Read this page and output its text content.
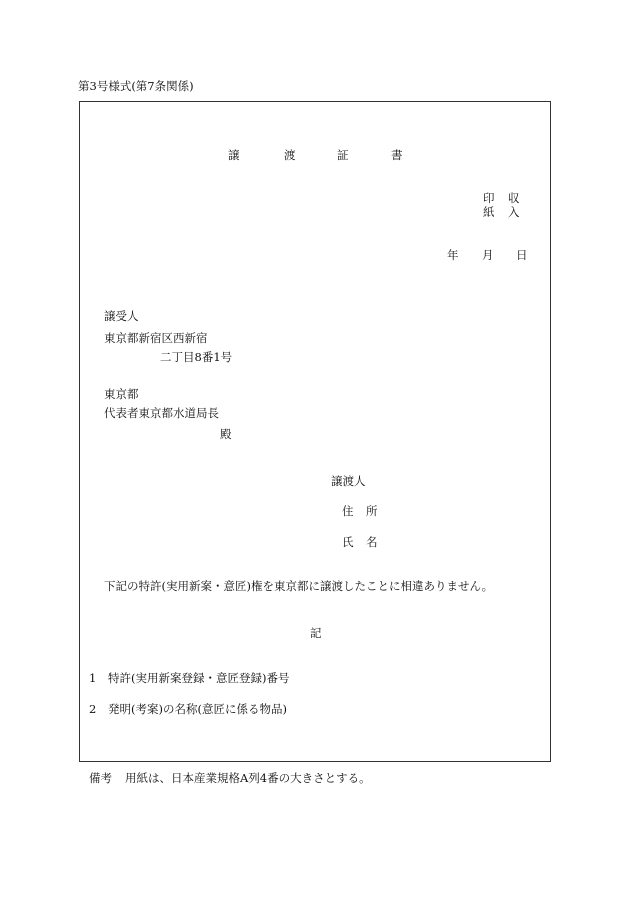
第3号様式(第7条関係)
譲	渡	証	書
印 収
紙 入
年 月 日
譲受人
東京都新宿区西新宿
二丁目8番1号
東京都
代表者東京都水道局長
殿
譲渡人
住 所
氏 名
下記の特許(実用新案・意匠)権を東京都に譲渡したことに相違ありません。
記
1 特許(実用新案登録・意匠登録)番号
2 発明(考案)の名称(意匠に係る物品)
備考 用紙は、日本産業規格A列4番の大きさとする。
